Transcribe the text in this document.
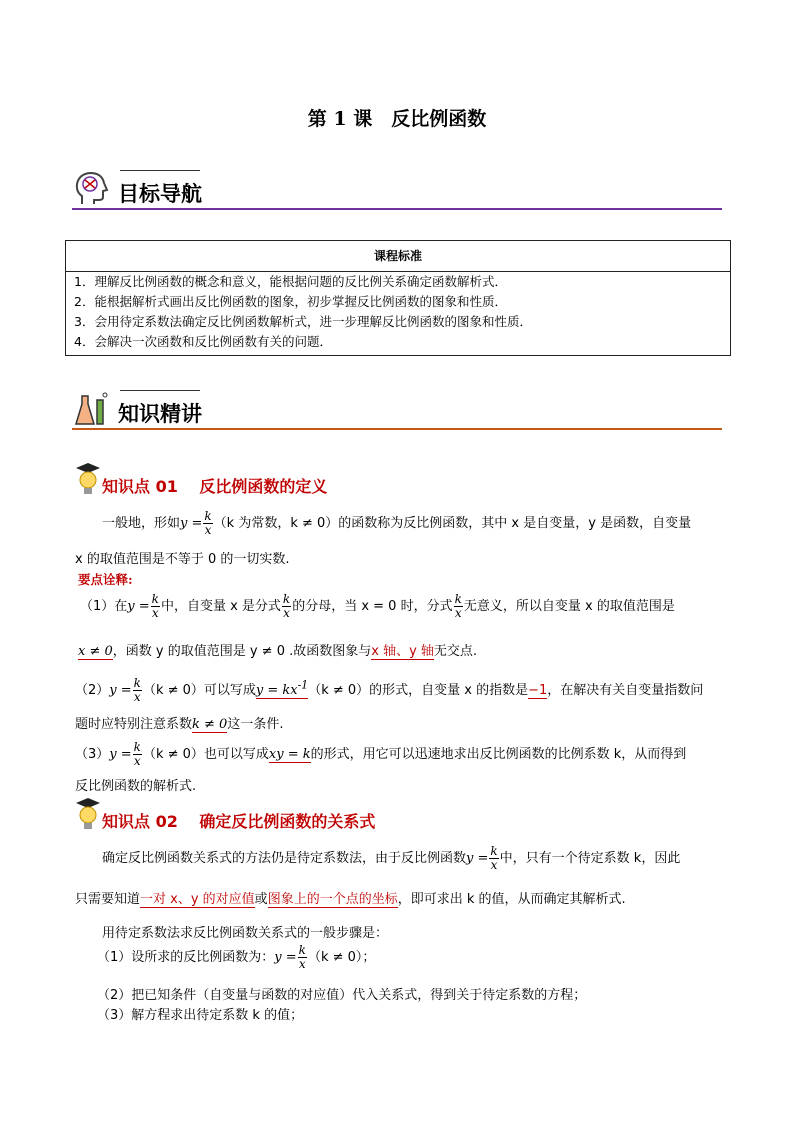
第 1 课　反比例函数
目标导航
课程标准
1．理解反比例函数的概念和意义，能根据问题的反比例关系确定函数解析式．
2．能根据解析式画出反比例函数的图象，初步掌握反比例函数的图象和性质．
3．会用待定系数法确定反比例函数解析式，进一步理解反比例函数的图象和性质．
4．会解决一次函数和反比例函数有关的问题．
知识精讲
知识点 01　 反比例函数的定义
一般地，形如$y = \frac{k}{x} (k$ 为常数，k ≠ 0）的函数称为反比例函数，其中 x 是自变量，y 是函数，自变量
x 的取值范围是不等于 0 的一切实数.
要点诠释:
（1）在$y = \frac{k}{x}$ 中，自变量 x 是分式 $\frac{k}{x}$ 的分母，当 x = 0 时，分式 $\frac{k}{x}$ 无意义，所以自变量 x 的取值范围是
x ≠ 0，函数 y 的取值范围是 y ≠ 0 .故函数图象与x 轴、y 轴无交点.
$(2)y = \frac{k}{x} (k \ne 0)$可以写成$y = kx^{-1}(k \ne 0)$的形式，自变量 x 的指数是−1，在解决有关自变量指数问
题时应特别注意系数k ≠ 0这一条件.
$(3)y = \frac{k}{x} (k \ne 0)$也可以写成xy = k的形式，用它可以迅速地求出反比例函数的比例系数 k，从而得到
反比例函数的解析式.
知识点 02　 确定反比例函数的关系式
确定反比例函数关系式的方法仍是待定系数法，由于反比例函数$y = \frac{k}{x}$ 中，只有一个待定系数 k，因此
只需要知道一对 x、y 的对应值或图象上的一个点的坐标，即可求出 k 的值，从而确定其解析式.
用待定系数法求反比例函数关系式的一般步骤是：
（1）设所求的反比例函数为：$y = \frac{k}{x} (k \ne 0)$；
（2）把已知条件（自变量与函数的对应值）代入关系式，得到关于待定系数的方程；
（3）解方程求出待定系数 k 的值；
